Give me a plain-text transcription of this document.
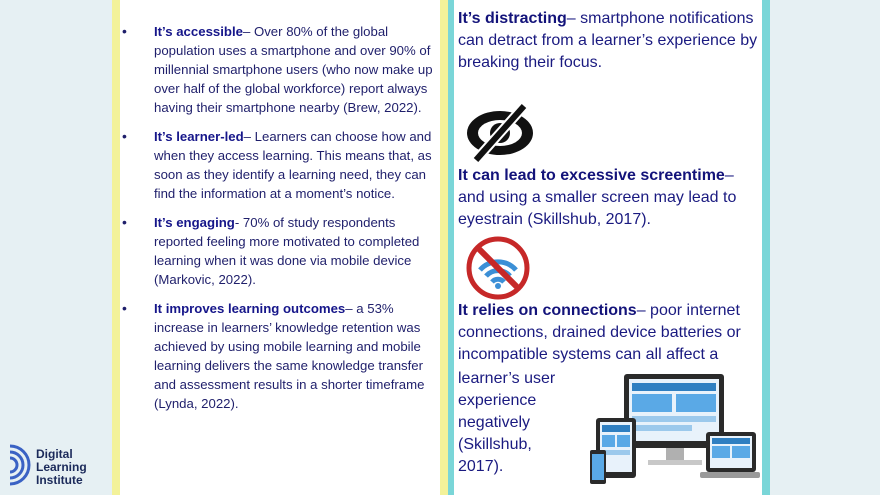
• It’s accessible– Over 80% of the global population uses a smartphone and over 90% of millennial smartphone users (who now make up over half of the global workforce) report always having their smartphone nearby (Brew, 2022).
• It’s learner-led– Learners can choose how and when they access learning. This means that, as soon as they identify a learning need, they can find the information at a moment’s notice.
• It’s engaging- 70% of study respondents reported feeling more motivated to completed learning when it was done via mobile device (Markovic, 2022).
• It improves learning outcomes– a 53% increase in learners’ knowledge retention was achieved by using mobile learning and mobile learning delivers the same knowledge transfer and assessment results in a shorter timeframe (Lynda, 2022).
It’s distracting– smartphone notifications can detract from a learner’s experience by breaking their focus.
It can lead to excessive screentime– and using a smaller screen may lead to eyestrain (Skillshub, 2017).
It relies on connections– poor internet connections, drained device batteries or incompatible systems can all affect a
learner’s user
experience
negatively
(Skillshub,
2017).
Digital
Learning
Institute
